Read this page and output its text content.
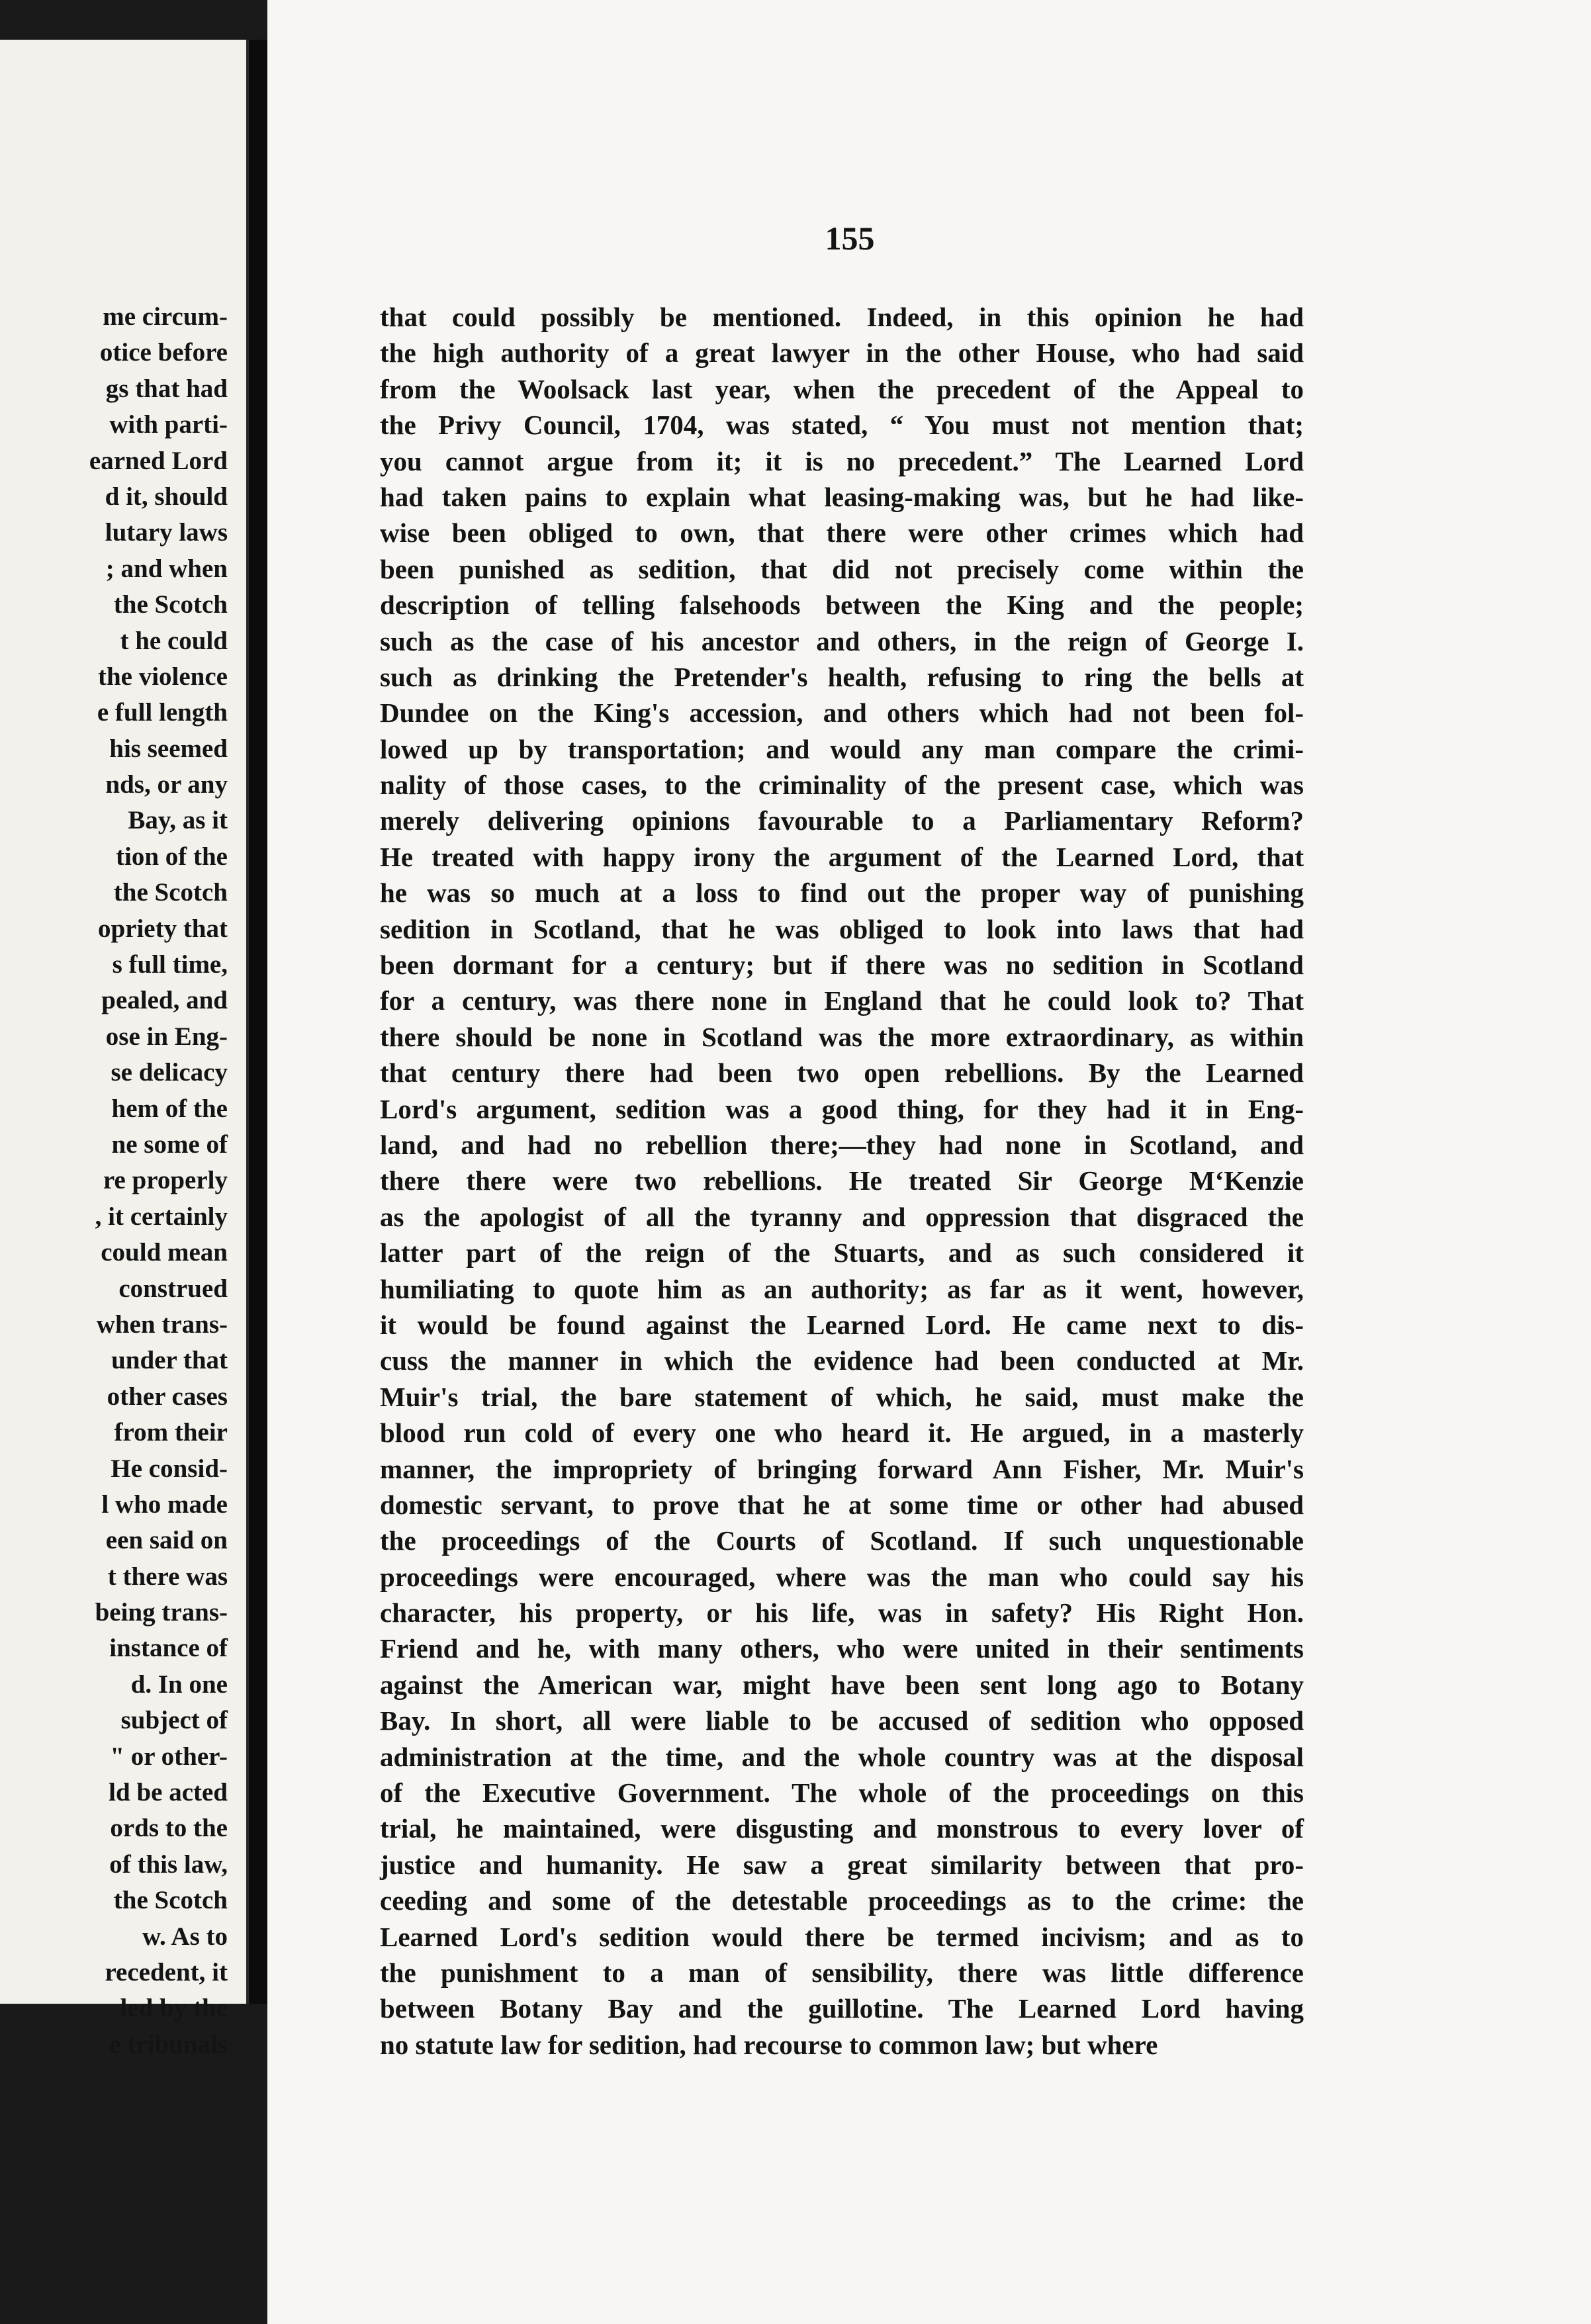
me circum-
otice before
gs that had
with parti-
earned Lord
d it, should
lutary laws
; and when
the Scotch
t he could
the violence
e full length
his seemed
nds, or any
Bay, as it
tion of the
the Scotch
opriety that
s full time,
pealed, and
ose in Eng-
se delicacy
hem of the
ne some of
re properly
, it certainly
could mean
construed
when trans-
under that
other cases
from their
He consid-
l who made
een said on
t there was
being trans-
instance of
d. In one
subject of
" or other-
ld be acted
ords to the
of this law,
the Scotch
w. As to
recedent, it
led by the
e tribunals
155
that could possibly be mentioned. Indeed, in this opinion he had
the high authority of a great lawyer in the other House, who had said
from the Woolsack last year, when the precedent of the Appeal to
the Privy Council, 1704, was stated, “ You must not mention that;
you cannot argue from it; it is no precedent.” The Learned Lord
had taken pains to explain what leasing-making was, but he had like-
wise been obliged to own, that there were other crimes which had
been punished as sedition, that did not precisely come within the
description of telling falsehoods between the King and the people;
such as the case of his ancestor and others, in the reign of George I.
such as drinking the Pretender's health, refusing to ring the bells at
Dundee on the King's accession, and others which had not been fol-
lowed up by transportation; and would any man compare the crimi-
nality of those cases, to the criminality of the present case, which was
merely delivering opinions favourable to a Parliamentary Reform?
He treated with happy irony the argument of the Learned Lord, that
he was so much at a loss to find out the proper way of punishing
sedition in Scotland, that he was obliged to look into laws that had
been dormant for a century; but if there was no sedition in Scotland
for a century, was there none in England that he could look to? That
there should be none in Scotland was the more extraordinary, as within
that century there had been two open rebellions. By the Learned
Lord's argument, sedition was a good thing, for they had it in Eng-
land, and had no rebellion there;—they had none in Scotland, and
there there were two rebellions. He treated Sir George M‘Kenzie
as the apologist of all the tyranny and oppression that disgraced the
latter part of the reign of the Stuarts, and as such considered it
humiliating to quote him as an authority; as far as it went, however,
it would be found against the Learned Lord. He came next to dis-
cuss the manner in which the evidence had been conducted at Mr.
Muir's trial, the bare statement of which, he said, must make the
blood run cold of every one who heard it. He argued, in a masterly
manner, the impropriety of bringing forward Ann Fisher, Mr. Muir's
domestic servant, to prove that he at some time or other had abused
the proceedings of the Courts of Scotland. If such unquestionable
proceedings were encouraged, where was the man who could say his
character, his property, or his life, was in safety? His Right Hon.
Friend and he, with many others, who were united in their sentiments
against the American war, might have been sent long ago to Botany
Bay. In short, all were liable to be accused of sedition who opposed
administration at the time, and the whole country was at the disposal
of the Executive Government. The whole of the proceedings on this
trial, he maintained, were disgusting and monstrous to every lover of
justice and humanity. He saw a great similarity between that pro-
ceeding and some of the detestable proceedings as to the crime: the
Learned Lord's sedition would there be termed incivism; and as to
the punishment to a man of sensibility, there was little difference
between Botany Bay and the guillotine. The Learned Lord having
no statute law for sedition, had recourse to common law; but where
